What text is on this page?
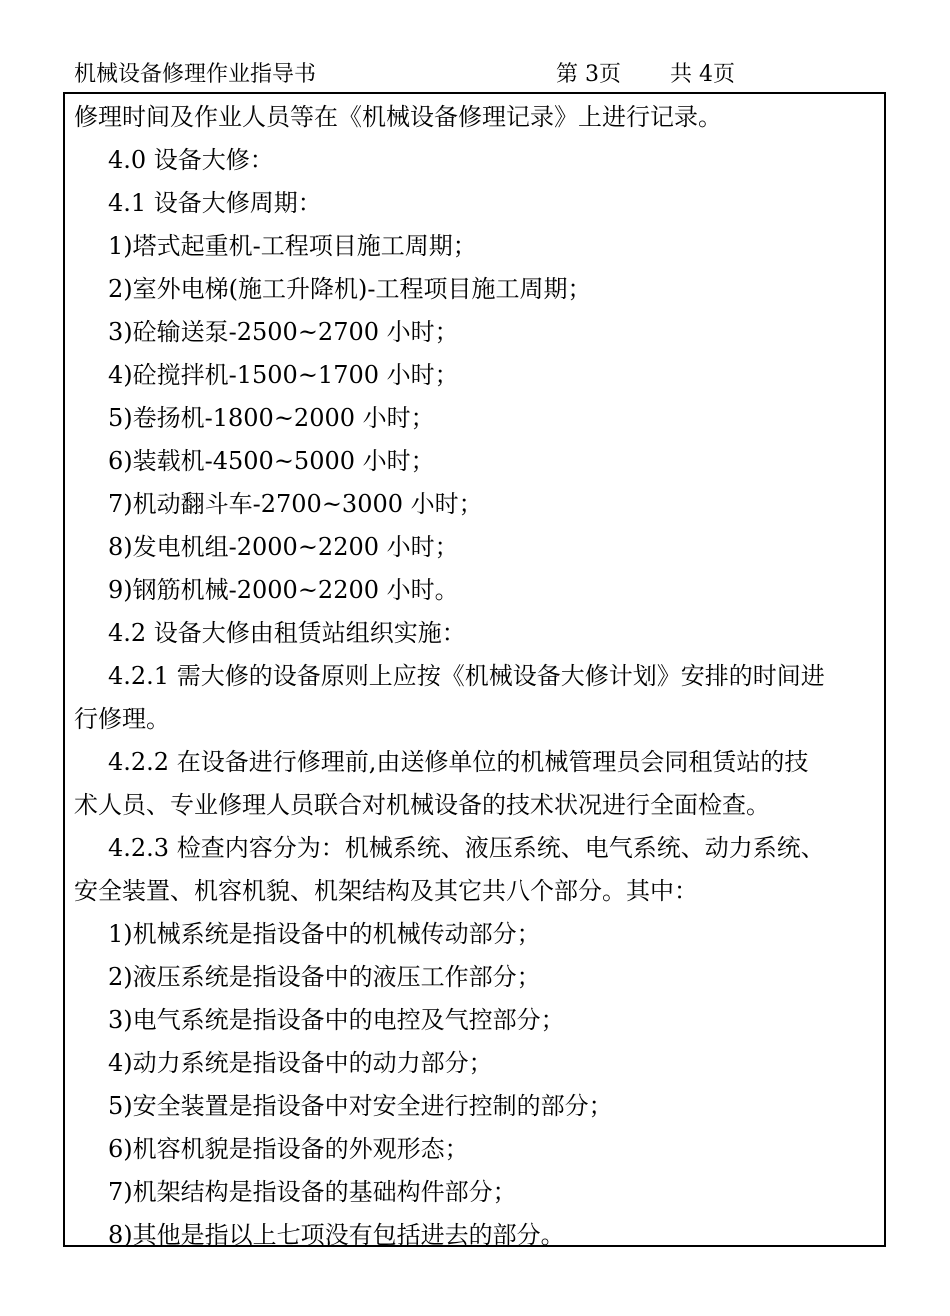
机械设备修理作业指导书	第 3页 共 4页

修理时间及作业人员等在《机械设备修理记录》上进行记录。

4.0 设备大修：

4.1 设备大修周期：

1)塔式起重机-工程项目施工周期；

2)室外电梯(施工升降机)-工程项目施工周期；

3)砼输送泵-2500~2700 小时；

4)砼搅拌机-1500~1700 小时；

5)卷扬机-1800~2000 小时；

6)装载机-4500~5000 小时；

7)机动翻斗车-2700~3000 小时；

8)发电机组-2000~2200 小时；

9)钢筋机械-2000~2200 小时。

4.2 设备大修由租赁站组织实施：

4.2.1 需大修的设备原则上应按《机械设备大修计划》安排的时间进

行修理。

4.2.2 在设备进行修理前,由送修单位的机械管理员会同租赁站的技

术人员、专业修理人员联合对机械设备的技术状况进行全面检查。

4.2.3 检查内容分为：机械系统、液压系统、电气系统、动力系统、

安全装置、机容机貌、机架结构及其它共八个部分。其中：

1)机械系统是指设备中的机械传动部分；

2)液压系统是指设备中的液压工作部分；

3)电气系统是指设备中的电控及气控部分；

4)动力系统是指设备中的动力部分；

5)安全装置是指设备中对安全进行控制的部分；

6)机容机貌是指设备的外观形态；

7)机架结构是指设备的基础构件部分；

8)其他是指以上七项没有包括进去的部分。
